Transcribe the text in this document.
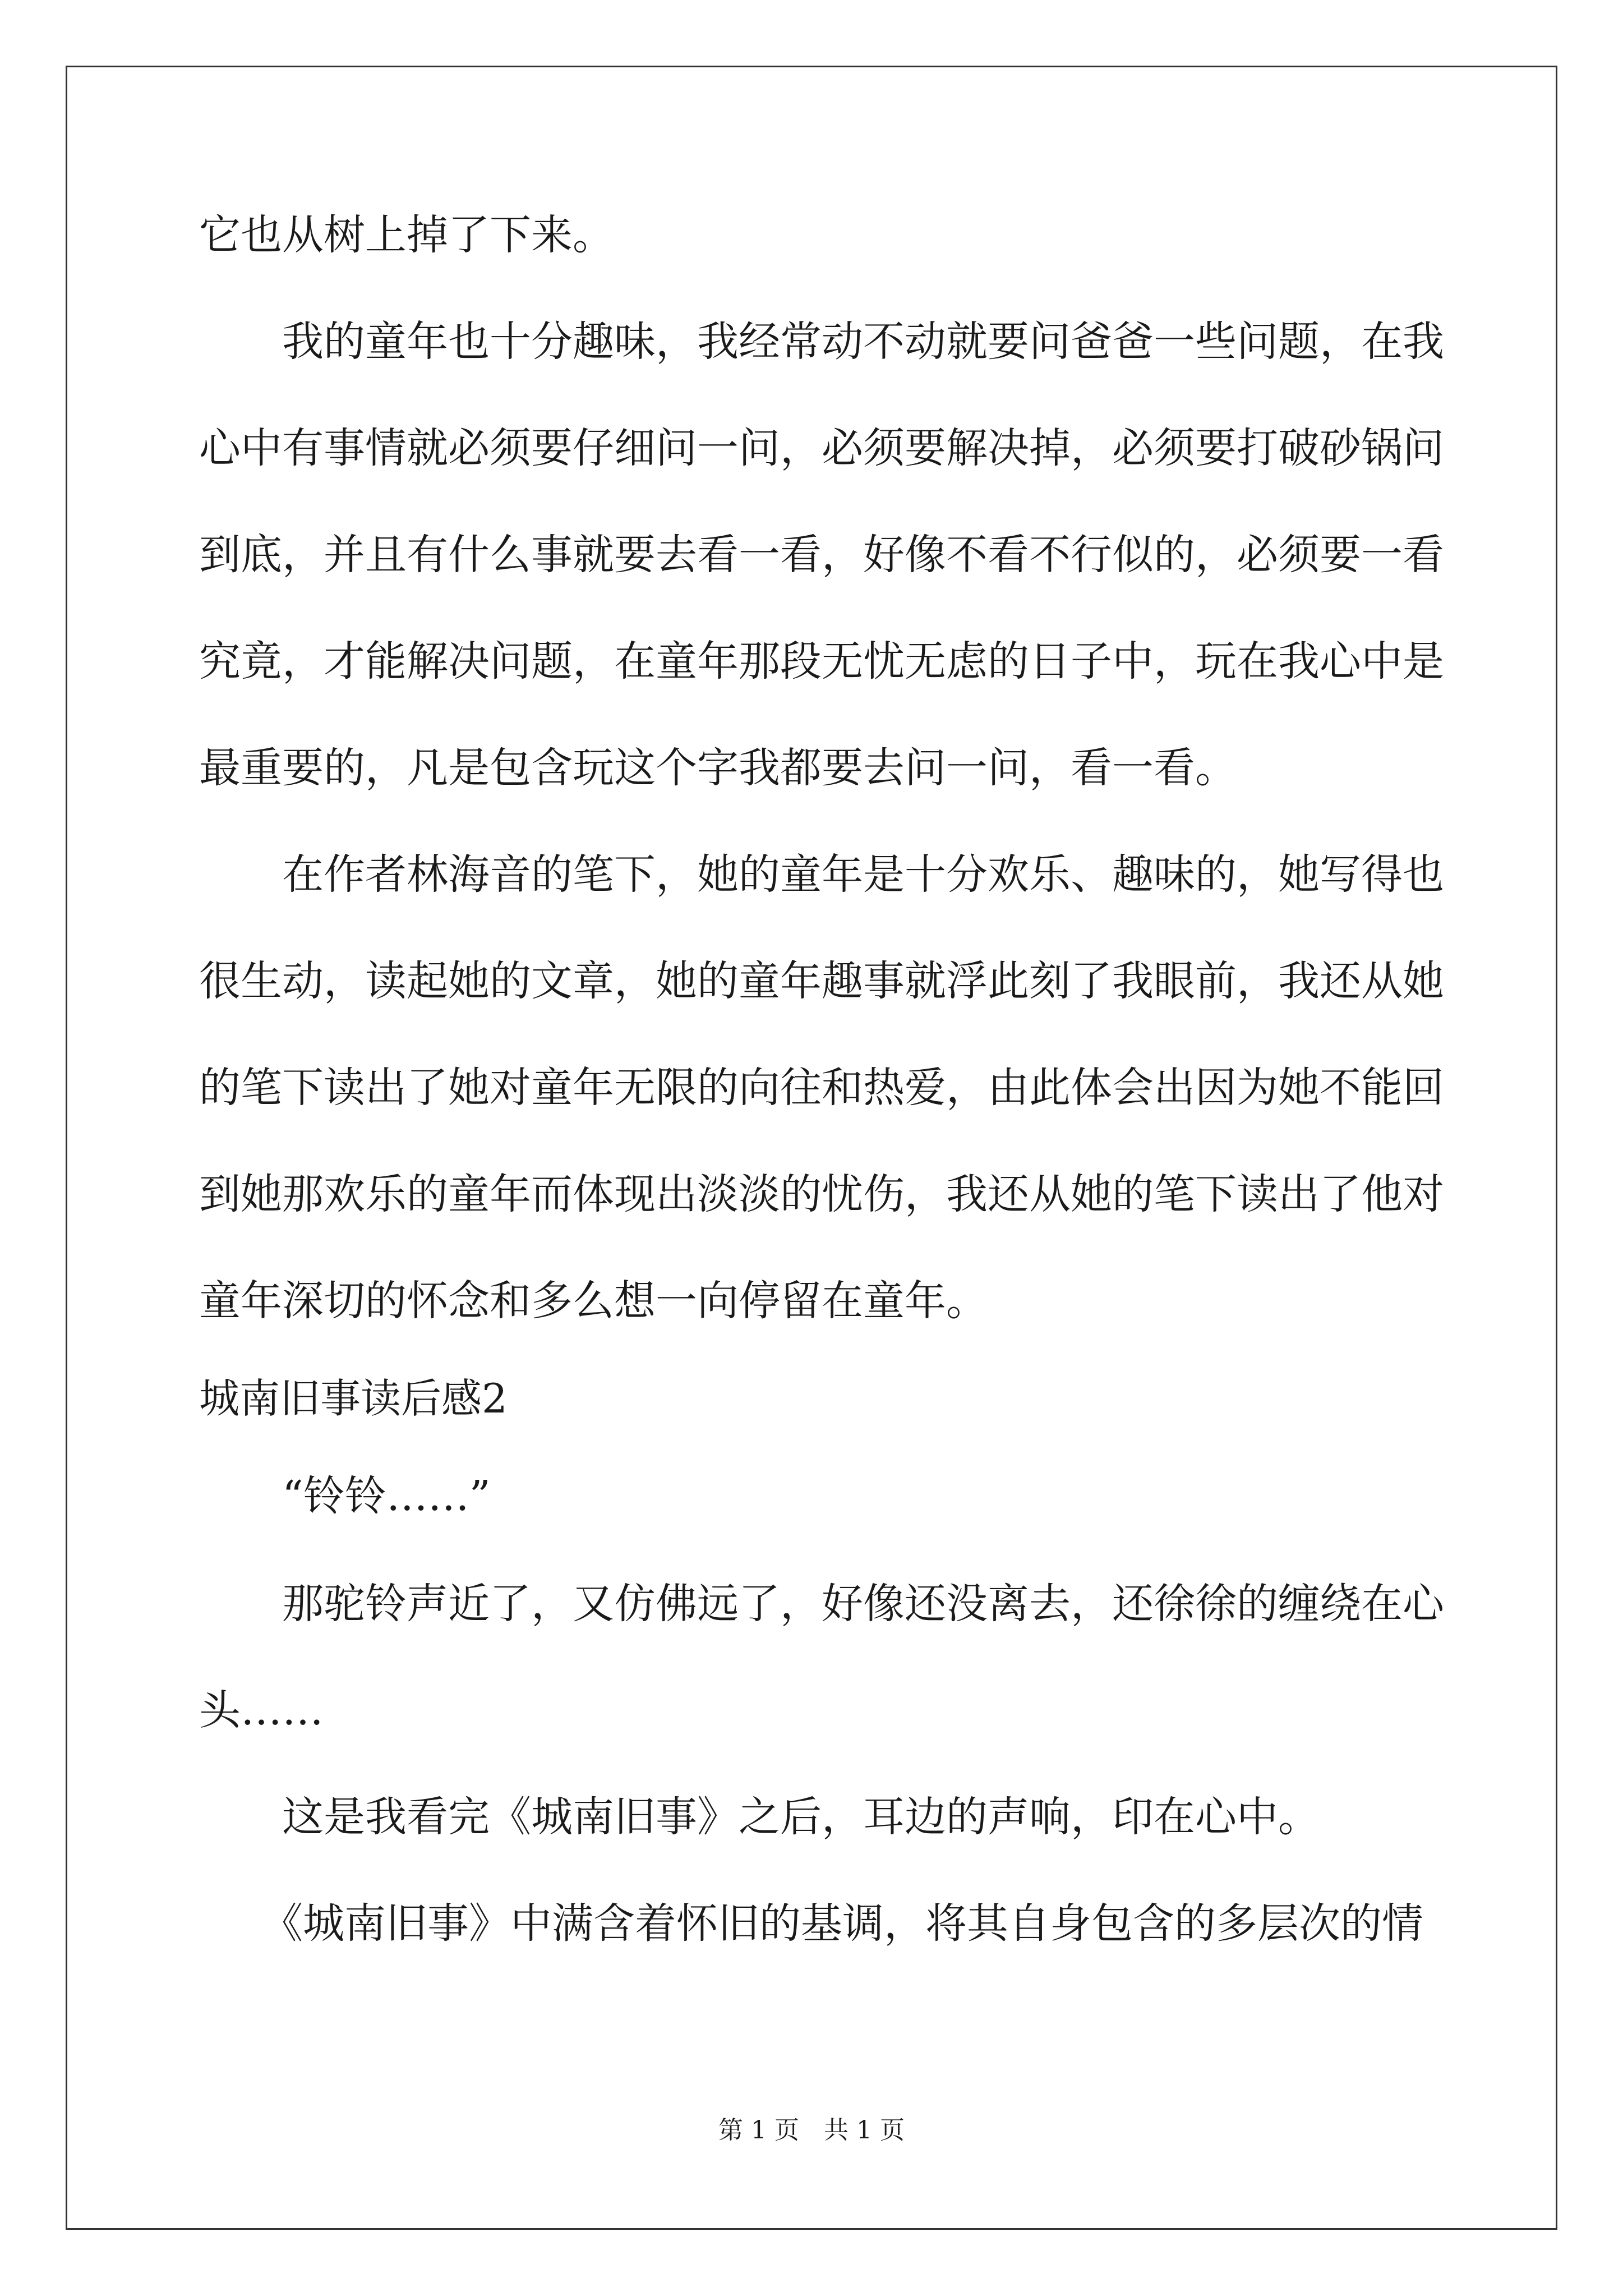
它也从树上掉了下来。
　　我的童年也十分趣味，我经常动不动就要问爸爸一些问题，在我
心中有事情就必须要仔细问一问，必须要解决掉，必须要打破砂锅问
到底，并且有什么事就要去看一看，好像不看不行似的，必须要一看
究竟，才能解决问题，在童年那段无忧无虑的日子中，玩在我心中是
最重要的，凡是包含玩这个字我都要去问一问，看一看。
　　在作者林海音的笔下，她的童年是十分欢乐、趣味的，她写得也
很生动，读起她的文章，她的童年趣事就浮此刻了我眼前，我还从她
的笔下读出了她对童年无限的向往和热爱，由此体会出因为她不能回
到她那欢乐的童年而体现出淡淡的忧伤，我还从她的笔下读出了他对
童年深切的怀念和多么想一向停留在童年。
城南旧事读后感2
　　“铃铃……”
　　那驼铃声近了，又仿佛远了，好像还没离去，还徐徐的缠绕在心
头……
　　这是我看完《城南旧事》之后，耳边的声响，印在心中。
　　《城南旧事》中满含着怀旧的基调，将其自身包含的多层次的情
第 1 页　共 1 页
